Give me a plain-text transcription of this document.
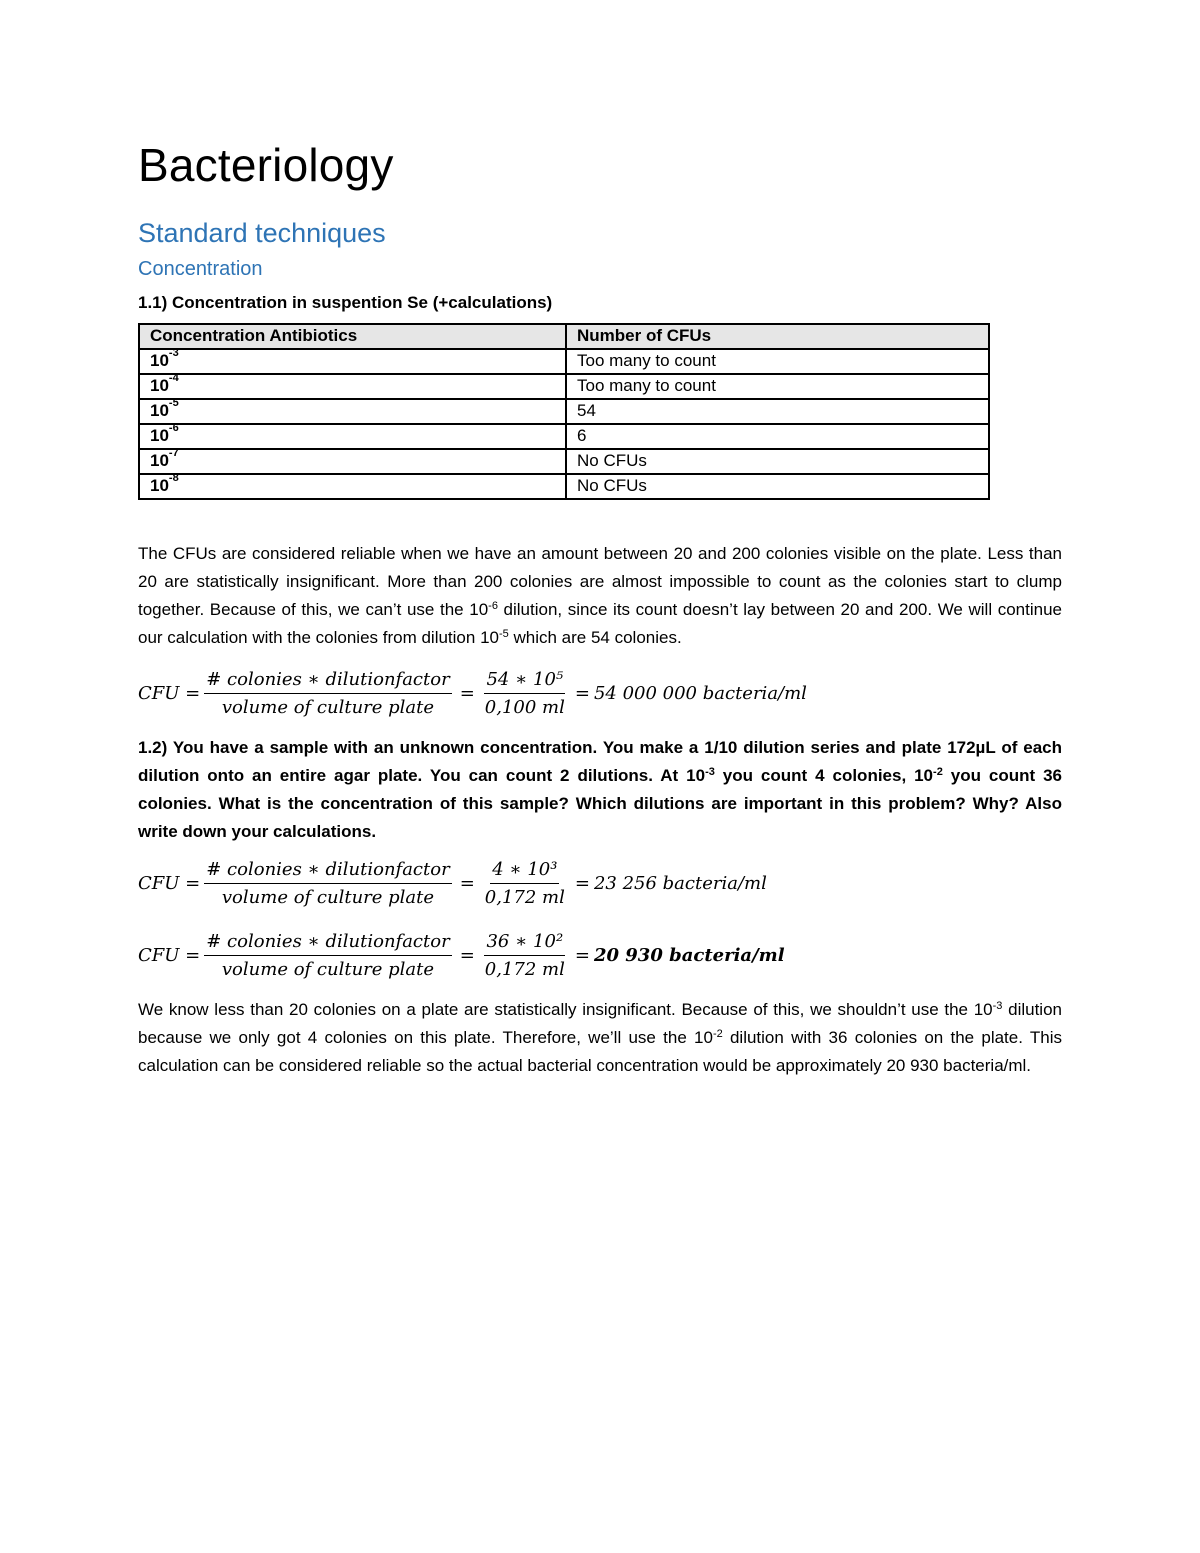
Bacteriology
Standard techniques
Concentration
1.1) Concentration in suspention Se (+calculations)
Concentration Antibiotics	Number of CFUs
$10^{-3}$	Too many to count
$10^{-4}$	Too many to count
$10^{-5}$	54
$10^{-6}$	6
$10^{-7}$	No CFUs
$10^{-8}$	No CFUs

The CFUs are considered reliable when we have an amount between 20 and 200 colonies visible on the plate. Less than 20 are statistically insignificant. More than 200 colonies are almost impossible to count as the colonies start to clump together. Because of this, we can’t use the $10^{-6}$ dilution, since its count doesn’t lay between 20 and 200. We will continue our calculation with the colonies from dilution $10^{-5}$ which are 54 colonies.

CFU = $\frac{\text{\# colonies ∗ dilutionfactor}}{\text{volume of culture plate}} = \frac{\text{54 ∗ 10⁵}}{0,100 ml} = 54$ 000 000 bacteria/ml
1.2) You have a sample with an unknown concentration. You make a 1/10 dilution series and plate 172µL of each dilution onto an entire agar plate. You can count 2 dilutions. At $10^{-3}$ you count 4 colonies, $10^{-2}$ you count 36 colonies. What is the concentration of this sample? Which dilutions are important in this problem? Why? Also write down your calculations.
CFU = $\frac{\text{\# colonies ∗ dilutionfactor}}{\text{volume of culture plate}} = \frac{\text{4 ∗ 10³}}{0,172 ml} = 23$ 256 bacteria/ml
CFU = $\frac{\text{\# colonies ∗ dilutionfactor}}{\text{volume of culture plate}} = \frac{\text{36 ∗ 10²}}{0,172 ml} = 20$ 930 bacteria/ml

We know less than 20 colonies on a plate are statistically insignificant. Because of this, we shouldn’t use the $10^{-3}$ dilution because we only got 4 colonies on this plate. Therefore, we’ll use the $10^{-2}$ dilution with 36 colonies on the plate. This calculation can be considered reliable so the actual bacterial concentration would be approximately 20 930 bacteria/ml.
